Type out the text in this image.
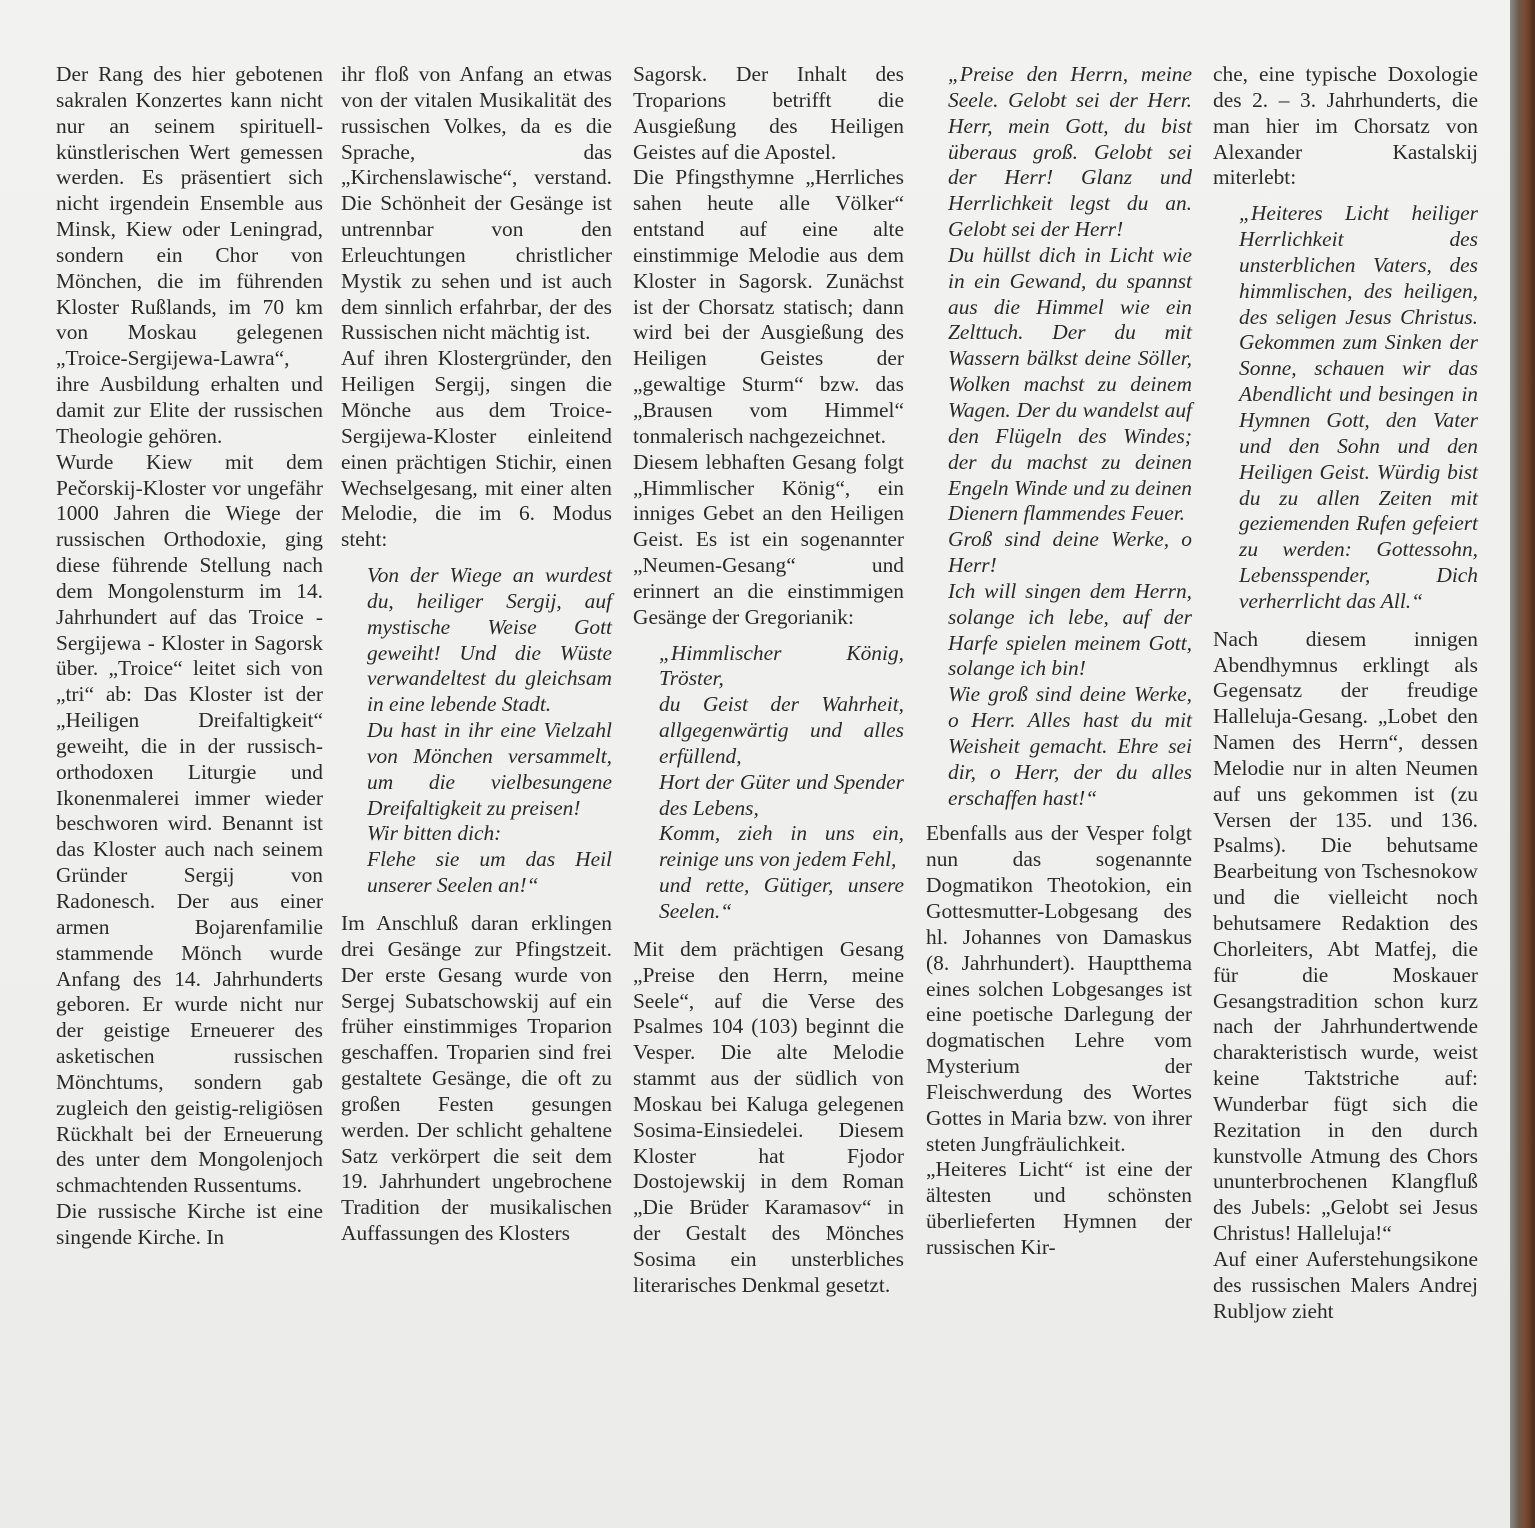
Der Rang des hier gebotenen sakralen Konzertes kann nicht nur an seinem spirituell-künstlerischen Wert gemessen werden. Es präsentiert sich nicht irgendein Ensemble aus Minsk, Kiew oder Leningrad, sondern ein Chor von Mönchen, die im führenden Kloster Rußlands, im 70 km von Moskau gelegenen „Troice-Sergijewa-Lawra“, ihre Ausbildung erhalten und damit zur Elite der russischen Theologie gehören.

Wurde Kiew mit dem Pečorskij-Kloster vor ungefähr 1000 Jahren die Wiege der russischen Orthodoxie, ging diese führende Stellung nach dem Mongolensturm im 14. Jahrhundert auf das Troice - Sergijewa - Kloster in Sagorsk über. „Troice“ leitet sich von „tri“ ab: Das Kloster ist der „Heiligen Dreifaltigkeit“ geweiht, die in der russisch-orthodoxen Liturgie und Ikonenmalerei immer wieder beschworen wird. Benannt ist das Kloster auch nach seinem Gründer Sergij von Radonesch. Der aus einer armen Bojarenfamilie stammende Mönch wurde Anfang des 14. Jahrhunderts geboren. Er wurde nicht nur der geistige Erneuerer des asketischen russischen Mönchtums, sondern gab zugleich den geistig-religiösen Rückhalt bei der Erneuerung des unter dem Mongolenjoch schmachtenden Russentums.

Die russische Kirche ist eine singende Kirche. In

ihr floß von Anfang an etwas von der vitalen Musikalität des russischen Volkes, da es die Sprache, das „Kirchenslawische“, verstand. Die Schönheit der Gesänge ist untrennbar von den Erleuchtungen christlicher Mystik zu sehen und ist auch dem sinnlich erfahrbar, der des Russischen nicht mächtig ist.

Auf ihren Klostergründer, den Heiligen Sergij, singen die Mönche aus dem Troice-Sergijewa-Kloster einleitend einen prächtigen Stichir, einen Wechselgesang, mit einer alten Melodie, die im 6. Modus steht:

Von der Wiege an wurdest du, heiliger Sergij, auf mystische Weise Gott geweiht! Und die Wüste verwandeltest du gleichsam in eine lebende Stadt.

Du hast in ihr eine Vielzahl von Mönchen versammelt, um die vielbesungene Dreifaltigkeit zu preisen!

Wir bitten dich:

Flehe sie um das Heil unserer Seelen an!“

Im Anschluß daran erklingen drei Gesänge zur Pfingstzeit. Der erste Gesang wurde von Sergej Subatschowskij auf ein früher einstimmiges Troparion geschaffen. Troparien sind frei gestaltete Gesänge, die oft zu großen Festen gesungen werden. Der schlicht gehaltene Satz verkörpert die seit dem 19. Jahrhundert ungebrochene Tradition der musikalischen Auffassungen des Klosters

Sagorsk. Der Inhalt des Troparions betrifft die Ausgießung des Heiligen Geistes auf die Apostel.

Die Pfingsthymne „Herrliches sahen heute alle Völker“ entstand auf eine alte einstimmige Melodie aus dem Kloster in Sagorsk. Zunächst ist der Chorsatz statisch; dann wird bei der Ausgießung des Heiligen Geistes der „gewaltige Sturm“ bzw. das „Brausen vom Himmel“ tonmalerisch nachgezeichnet.

Diesem lebhaften Gesang folgt „Himmlischer König“, ein inniges Gebet an den Heiligen Geist. Es ist ein sogenannter „Neumen-Gesang“ und erinnert an die einstimmigen Gesänge der Gregorianik:

„Himmlischer König, Tröster,

du Geist der Wahrheit, allgegenwärtig und alles erfüllend,

Hort der Güter und Spender des Lebens,

Komm, zieh in uns ein, reinige uns von jedem Fehl,

und rette, Gütiger, unsere Seelen.“

Mit dem prächtigen Gesang „Preise den Herrn, meine Seele“, auf die Verse des Psalmes 104 (103) beginnt die Vesper. Die alte Melodie stammt aus der südlich von Moskau bei Kaluga gelegenen Sosima-Einsiedelei. Diesem Kloster hat Fjodor Dostojewskij in dem Roman „Die Brüder Karamasov“ in der Gestalt des Mönches Sosima ein unsterbliches literarisches Denkmal gesetzt.

„Preise den Herrn, meine Seele. Gelobt sei der Herr. Herr, mein Gott, du bist überaus groß. Gelobt sei der Herr! Glanz und Herrlichkeit legst du an. Gelobt sei der Herr!

Du hüllst dich in Licht wie in ein Gewand, du spannst aus die Himmel wie ein Zelttuch. Der du mit Wassern bälkst deine Söller, Wolken machst zu deinem Wagen. Der du wandelst auf den Flügeln des Windes; der du machst zu deinen Engeln Winde und zu deinen Dienern flammendes Feuer.

Groß sind deine Werke, o Herr!

Ich will singen dem Herrn, solange ich lebe, auf der Harfe spielen meinem Gott, solange ich bin!

Wie groß sind deine Werke, o Herr. Alles hast du mit Weisheit gemacht. Ehre sei dir, o Herr, der du alles erschaffen hast!“

Ebenfalls aus der Vesper folgt nun das sogenannte Dogmatikon Theotokion, ein Gottesmutter-Lobgesang des hl. Johannes von Damaskus (8. Jahrhundert). Hauptthema eines solchen Lobgesanges ist eine poetische Darlegung der dogmatischen Lehre vom Mysterium der Fleischwerdung des Wortes Gottes in Maria bzw. von ihrer steten Jungfräulichkeit.

„Heiteres Licht“ ist eine der ältesten und schönsten überlieferten Hymnen der russischen Kir-

che, eine typische Doxologie des 2. – 3. Jahrhunderts, die man hier im Chorsatz von Alexander Kastalskij miterlebt:

„Heiteres Licht heiliger Herrlichkeit des unsterblichen Vaters, des himmlischen, des heiligen, des seligen Jesus Christus. Gekommen zum Sinken der Sonne, schauen wir das Abendlicht und besingen in Hymnen Gott, den Vater und den Sohn und den Heiligen Geist. Würdig bist du zu allen Zeiten mit geziemenden Rufen gefeiert zu werden: Gottessohn, Lebensspender, Dich verherrlicht das All.“

Nach diesem innigen Abendhymnus erklingt als Gegensatz der freudige Halleluja-Gesang. „Lobet den Namen des Herrn“, dessen Melodie nur in alten Neumen auf uns gekommen ist (zu Versen der 135. und 136. Psalms). Die behutsame Bearbeitung von Tschesnokow und die vielleicht noch behutsamere Redaktion des Chorleiters, Abt Matfej, die für die Moskauer Gesangstradition schon kurz nach der Jahrhundertwende charakteristisch wurde, weist keine Taktstriche auf: Wunderbar fügt sich die Rezitation in den durch kunstvolle Atmung des Chors ununterbrochenen Klangfluß des Jubels: „Gelobt sei Jesus Christus! Halleluja!“

Auf einer Auferstehungsikone des russischen Malers Andrej Rubljow zieht
